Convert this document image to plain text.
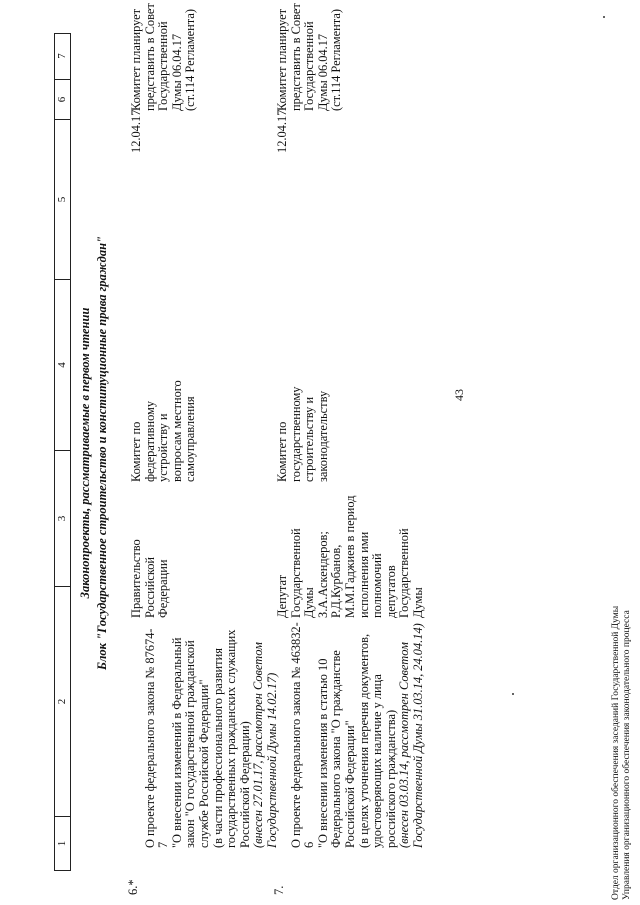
43
1
2
3
4
5
6
7
Законопроекты, рассматриваемые в первом чтении Блок "Государственное строительство и конституционные права граждан"
6.*

О проекте федерального закона № 87674-7
"О внесении изменений в Федеральный закон "О государственной гражданской службе Российской Федерации"
(в части профессионального развития государственных гражданских служащих Российской Федерации)
(внесен 27.01.17, рассмотрен Советом Государственной Думы 14.02.17)

Правительство
Российской
Федерации
Комитет по
федеративному
устройству и
вопросам местного
самоуправления
12.04.17
Комитет планирует
представить в Совет
Государственной
Думы 06.04.17
(ст.114 Регламента)
7.

О проекте федерального закона № 463832-6
"О внесении изменения в статью 10
Федерального закона "О гражданстве
Российской Федерации"
(в целях уточнения перечня документов, удостоверяющих наличие у лица российского гражданства)
(внесен 03.03.14, рассмотрен Советом Государственной Думы 31.03.14, 24.04.14)

Депутат
Государственной
Думы
З.А.Аскендеров;
Р.Д.Курбанов,
М.М.Гаджиев в период
исполнения ими
полномочий
депутатов
Государственной
Думы
Комитет по
государственному
строительству и
законодательству
12.04.17
Комитет планирует
представить в Совет
Государственной
Думы 06.04.17
(ст.114 Регламента)
Отдел организационного обеспечения заседаний Государственной Думы
Управления организационного обеспечения законодательного процесса
